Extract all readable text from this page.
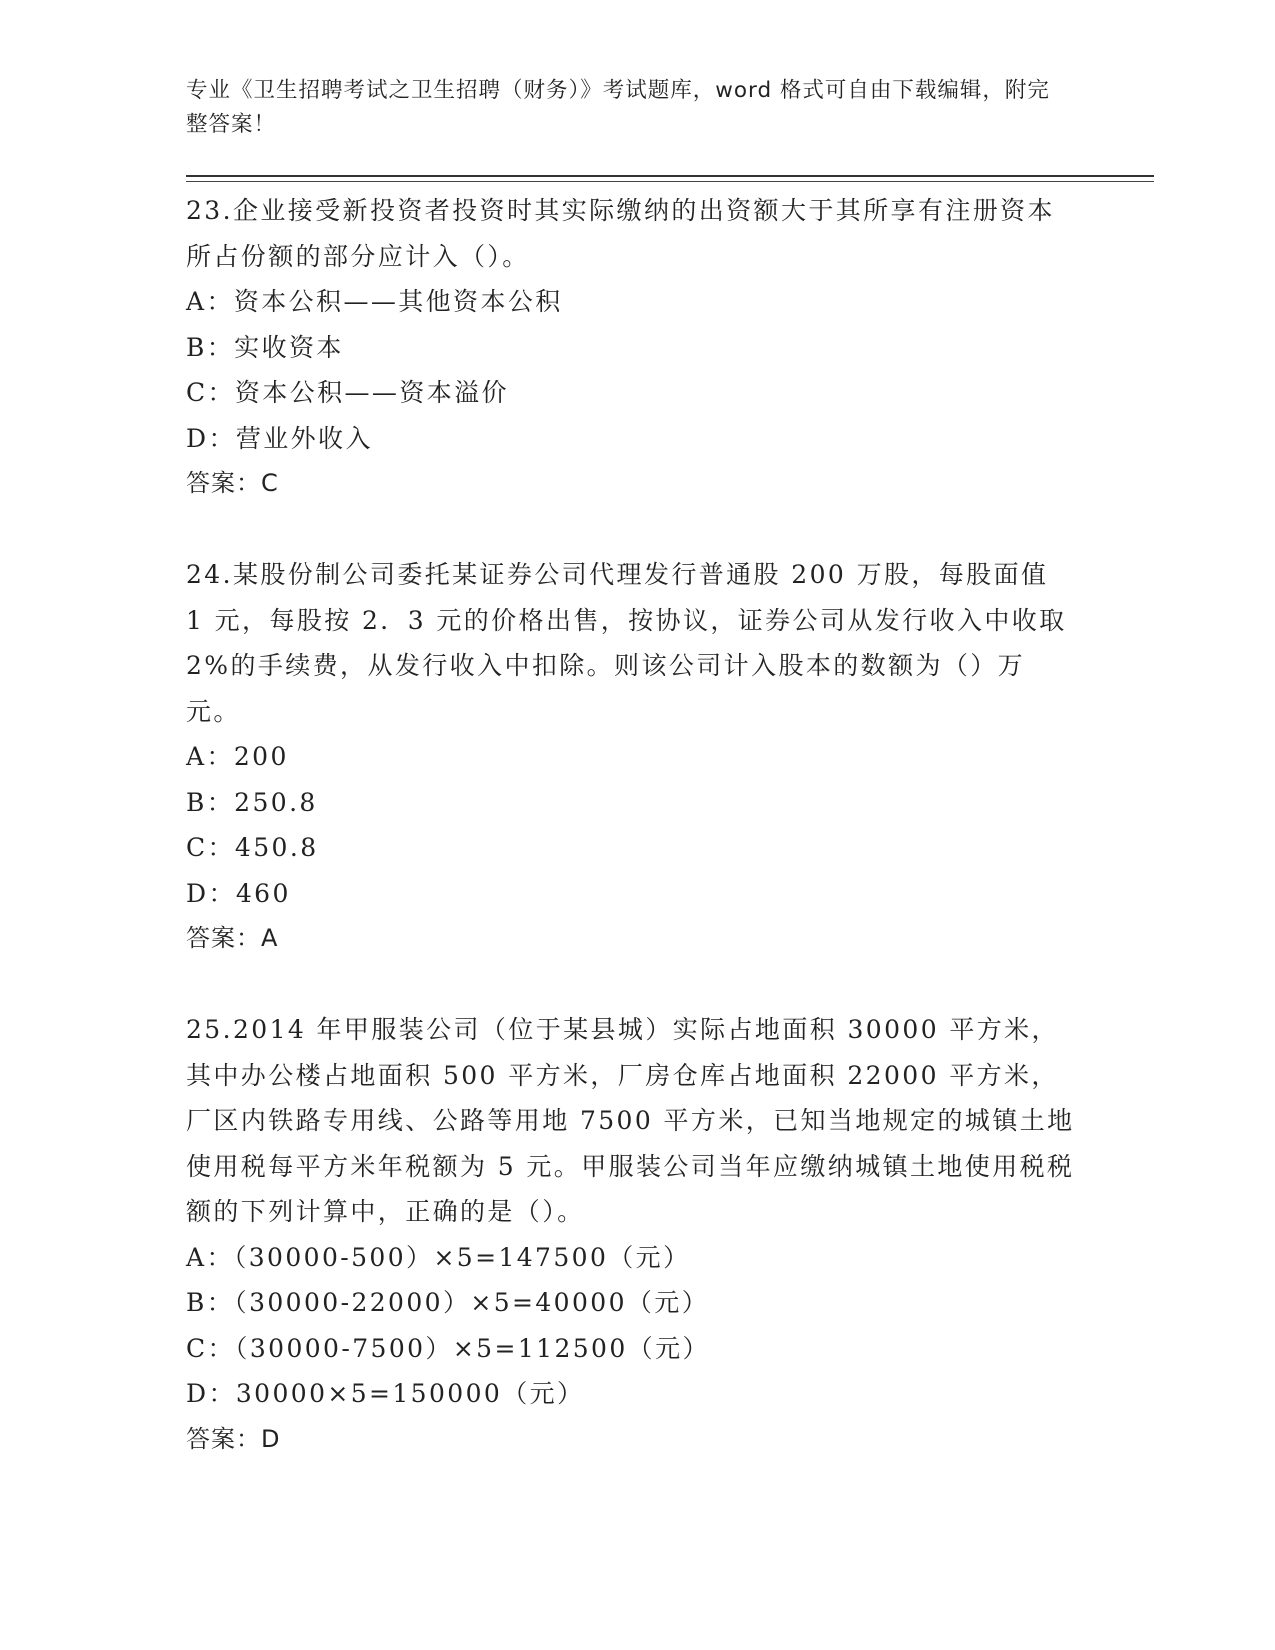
专业《卫生招聘考试之卫生招聘（财务）》考试题库，word 格式可自由下载编辑，附完整答案！
23.企业接受新投资者投资时其实际缴纳的出资额大于其所享有注册资本所占份额的部分应计入（）。
A：资本公积——其他资本公积
B：实收资本
C：资本公积——资本溢价
D：营业外收入
答案：C
24.某股份制公司委托某证券公司代理发行普通股 200 万股，每股面值 1 元，每股按 2．3 元的价格出售，按协议，证券公司从发行收入中收取 2%的手续费，从发行收入中扣除。则该公司计入股本的数额为（）万元。
A：200
B：250.8
C：450.8
D：460
答案：A
25.2014 年甲服装公司（位于某县城）实际占地面积 30000 平方米，其中办公楼占地面积 500 平方米，厂房仓库占地面积 22000 平方米，厂区内铁路专用线、公路等用地 7500 平方米，已知当地规定的城镇土地使用税每平方米年税额为 5 元。甲服装公司当年应缴纳城镇土地使用税税额的下列计算中，正确的是（）。
A：（30000-500）×5=147500（元）
B：（30000-22000）×5=40000（元）
C：（30000-7500）×5=112500（元）
D：30000×5=150000（元）
答案：D
